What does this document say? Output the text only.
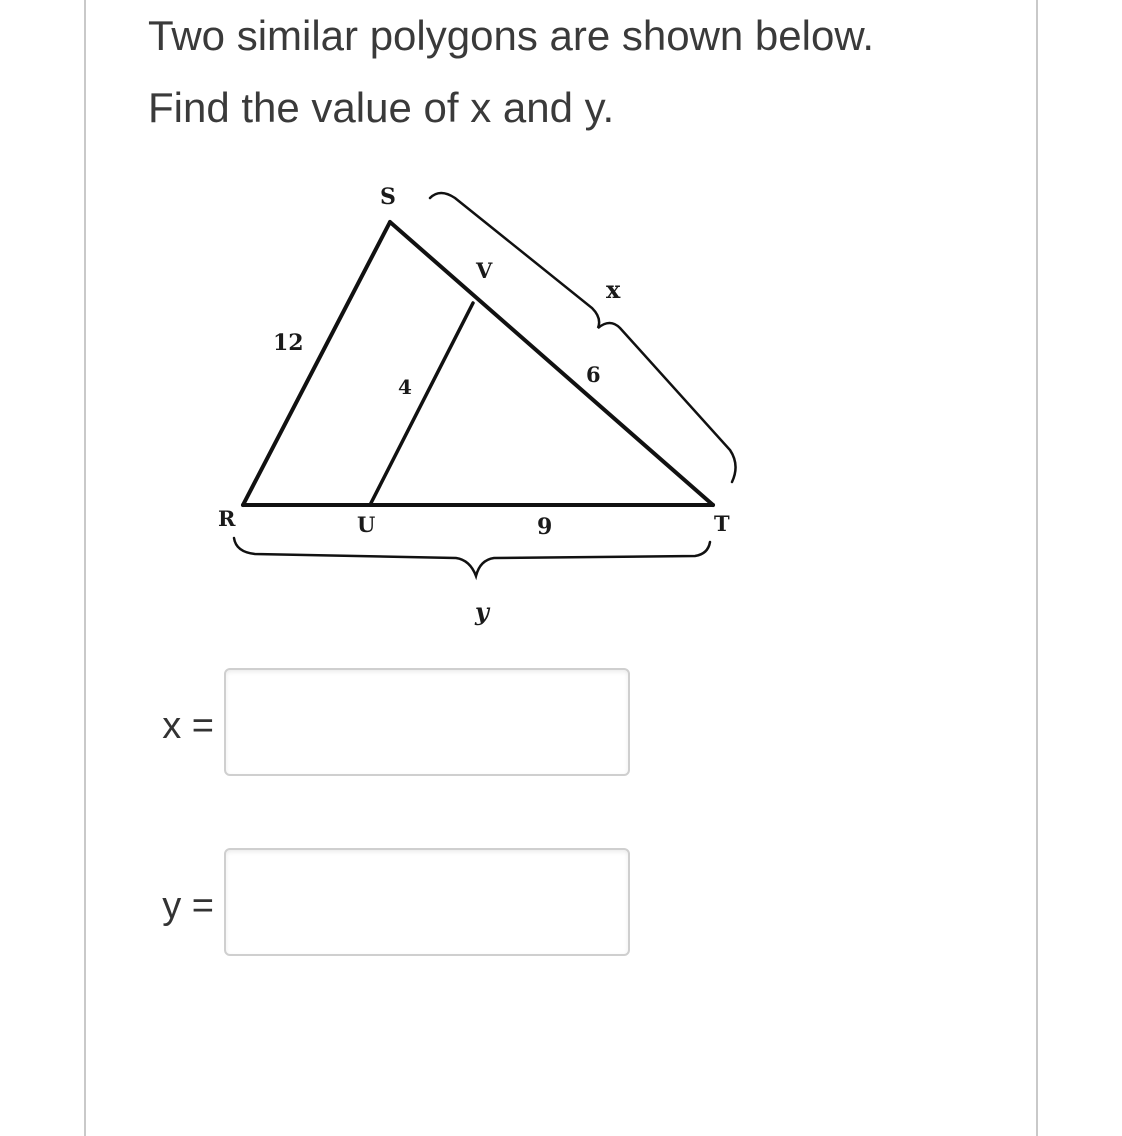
Two similar polygons are shown below.
Find the value of x and y.
S
V
R	U	T
12
4	6
9
x
y
x =
y =
